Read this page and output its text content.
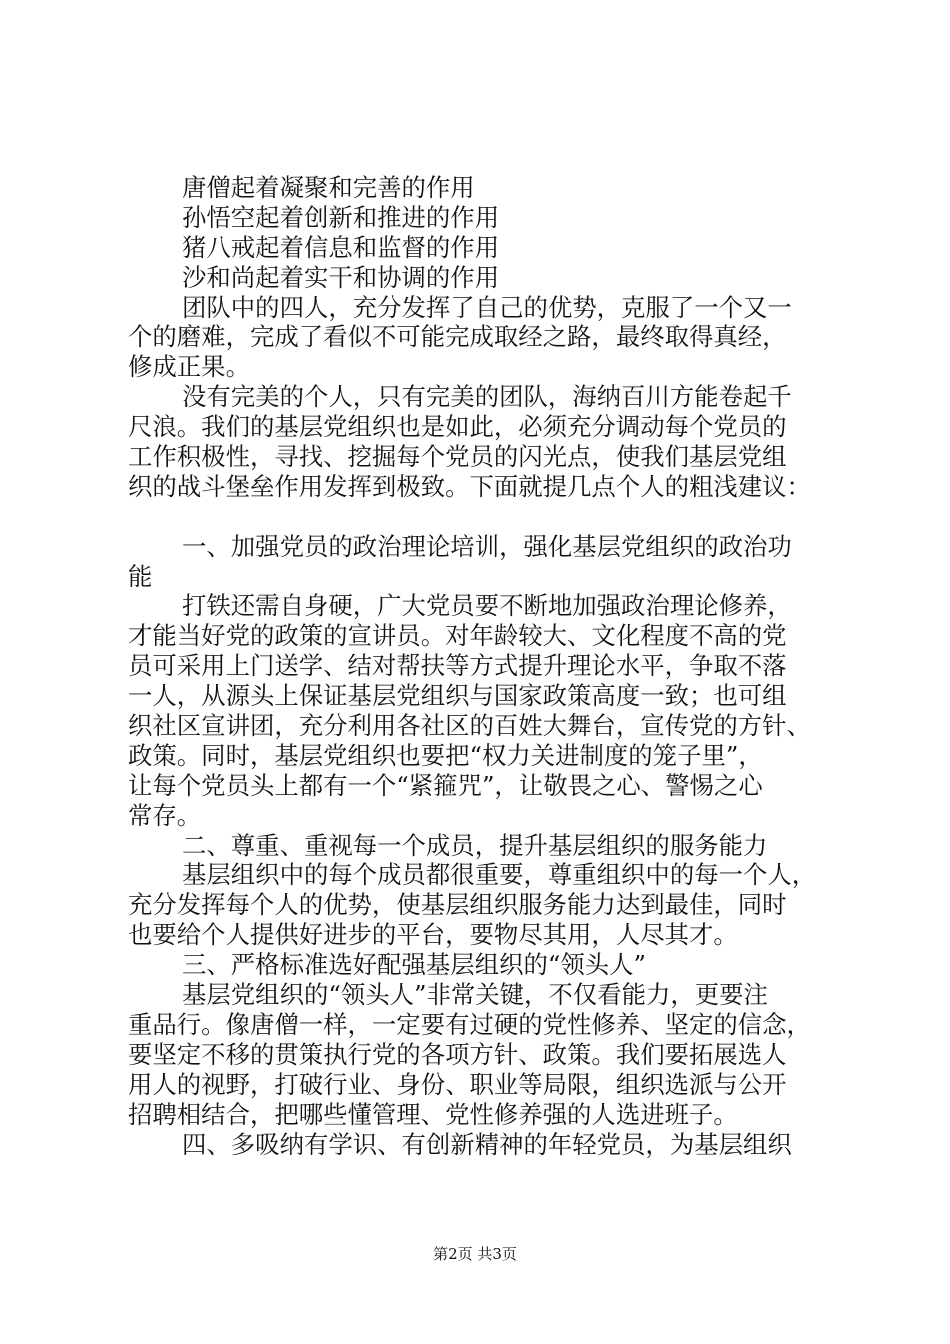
唐僧起着凝聚和完善的作用
孙悟空起着创新和推进的作用
猪八戒起着信息和监督的作用
沙和尚起着实干和协调的作用
团队中的四人，充分发挥了自己的优势，克服了一个又一
个的磨难，完成了看似不可能完成取经之路，最终取得真经，
修成正果。
没有完美的个人，只有完美的团队，海纳百川方能卷起千
尺浪。我们的基层党组织也是如此，必须充分调动每个党员的
工作积极性，寻找、挖掘每个党员的闪光点，使我们基层党组
织的战斗堡垒作用发挥到极致。下面就提几点个人的粗浅建议：
一、加强党员的政治理论培训，强化基层党组织的政治功
能
打铁还需自身硬，广大党员要不断地加强政治理论修养，
才能当好党的政策的宣讲员。对年龄较大、文化程度不高的党
员可采用上门送学、结对帮扶等方式提升理论水平，争取不落
一人，从源头上保证基层党组织与国家政策高度一致；也可组
织社区宣讲团，充分利用各社区的百姓大舞台，宣传党的方针、
政策。同时，基层党组织也要把“权力关进制度的笼子里”，
让每个党员头上都有一个“紧箍咒”，让敬畏之心、警惕之心
常存。
二、尊重、重视每一个成员，提升基层组织的服务能力
基层组织中的每个成员都很重要，尊重组织中的每一个人，
充分发挥每个人的优势，使基层组织服务能力达到最佳，同时
也要给个人提供好进步的平台，要物尽其用，人尽其才。
三、严格标准选好配强基层组织的“领头人”
基层党组织的“领头人”非常关键，不仅看能力，更要注
重品行。像唐僧一样，一定要有过硬的党性修养、坚定的信念，
要坚定不移的贯策执行党的各项方针、政策。我们要拓展选人
用人的视野，打破行业、身份、职业等局限，组织选派与公开
招聘相结合，把哪些懂管理、党性修养强的人选进班子。
四、多吸纳有学识、有创新精神的年轻党员，为基层组织
第2页 共3页
